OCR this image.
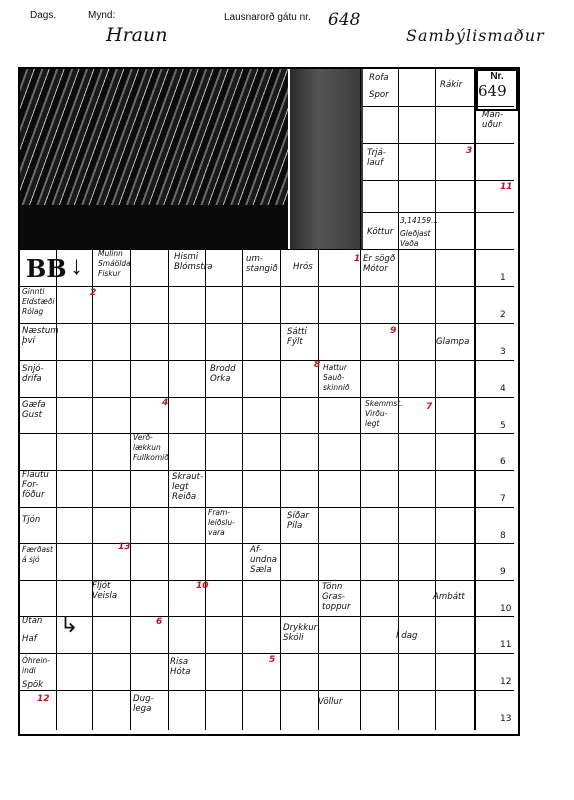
Dags.	Mynd:	Lausnarorð gátu nr. 648
Hraun	Sambýlismaður
BB ↓
↳
Nr.
649
Rofa
Spor
Rákir
Mán-
uður
Trjá-
lauf
Köttur
3,14159...
Gleðjast
Vaða
Mulinn
Smáölda
Fiskur
Hismi
Blómstra
um-
stangið Hrós
Er sögð
Mótor
Ginnti
Eldstæði
Rólag
Næstum
því
Sátti
Fýlt	Glampa
Snjó-
drífa
Brodd
Orka
Hattur
Sauð-
skinnið
Gæfa
Gust
Skemmst.
Virðu-
legt
Verð-
lækkun
Fullkomið
Flautu
For-
föður
Skraut-
legt
Reiða
Tjón
Fram-
leiðslu-
vara
Síðar
Píla
Færðast
á sjó
Af-
undna
Sæla
Fljót
Veisla
Tönn
Gras-
toppur
Ambátt
Utan
Haf
Drykkur
Skóli	Í dag
Óhrein-
indi
Spök
Risa
Hóta
Dug-
lega
Völlur
1
2
3
4
5
6
7
8
9
10
11
12
13
1
2
3
4
5
6
7
8
9
10
11
12
13
